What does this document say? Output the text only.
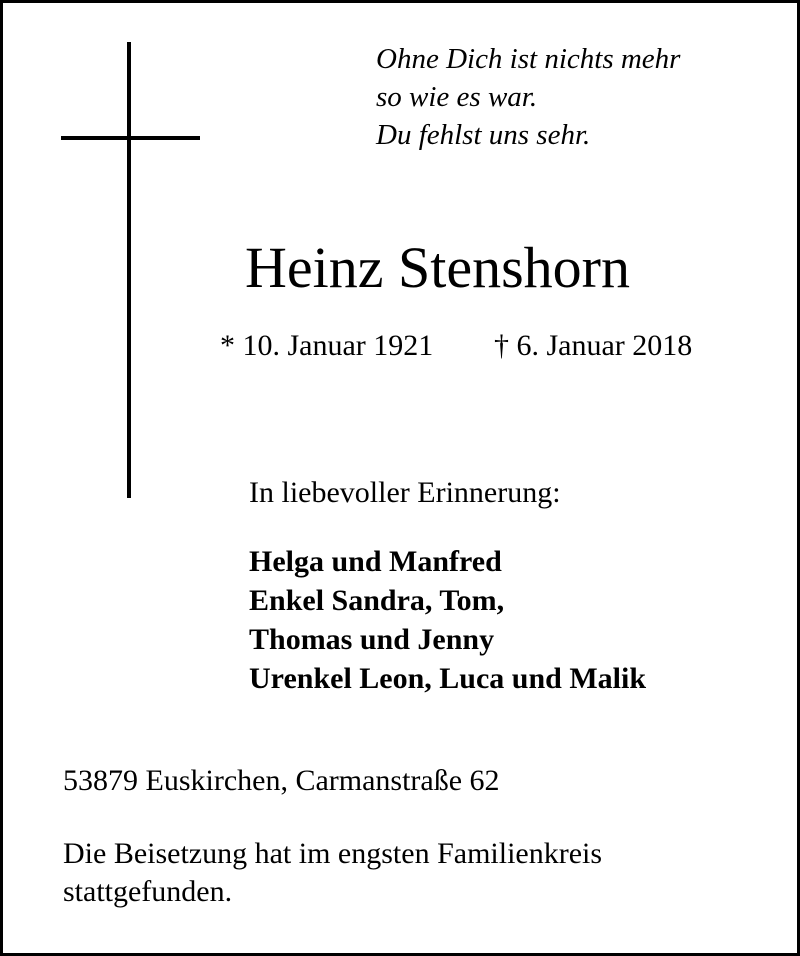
Ohne Dich ist nichts mehr
so wie es war.
Du fehlst uns sehr.
Heinz Stenshorn
* 10. Januar 1921 † 6. Januar 2018
In liebevoller Erinnerung:
Helga und Manfred
Enkel Sandra, Tom,
Thomas und Jenny
Urenkel Leon, Luca und Malik
53879 Euskirchen, Carmanstraße 62
Die Beisetzung hat im engsten Familienkreis
stattgefunden.
